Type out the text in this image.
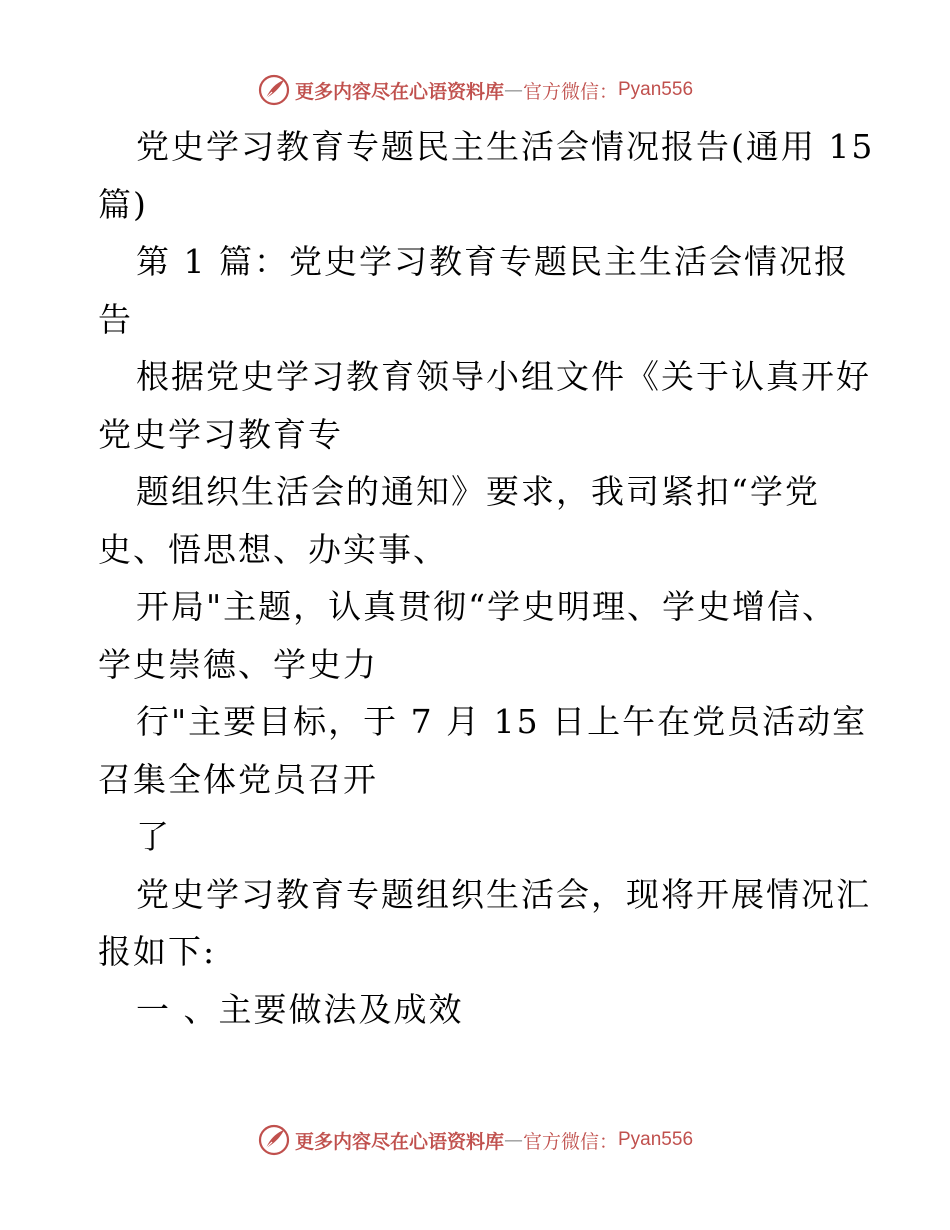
更多内容尽在心语资料库 — 官方微信： Pyan556
党史学习教育专题民主生活会情况报告(通用 15
篇)
第 1 篇：党史学习教育专题民主生活会情况报
告
根据党史学习教育领导小组文件《关于认真开好
党史学习教育专
题组织生活会的通知》要求，我司紧扣“学党
史、悟思想、办实事、
开局"主题，认真贯彻“学史明理、学史增信、
学史崇德、学史力
行"主要目标，于 7 月 15 日上午在党员活动室
召集全体党员召开
了
党史学习教育专题组织生活会，现将开展情况汇
报如下:
一 、主要做法及成效
更多内容尽在心语资料库 — 官方微信： Pyan556
